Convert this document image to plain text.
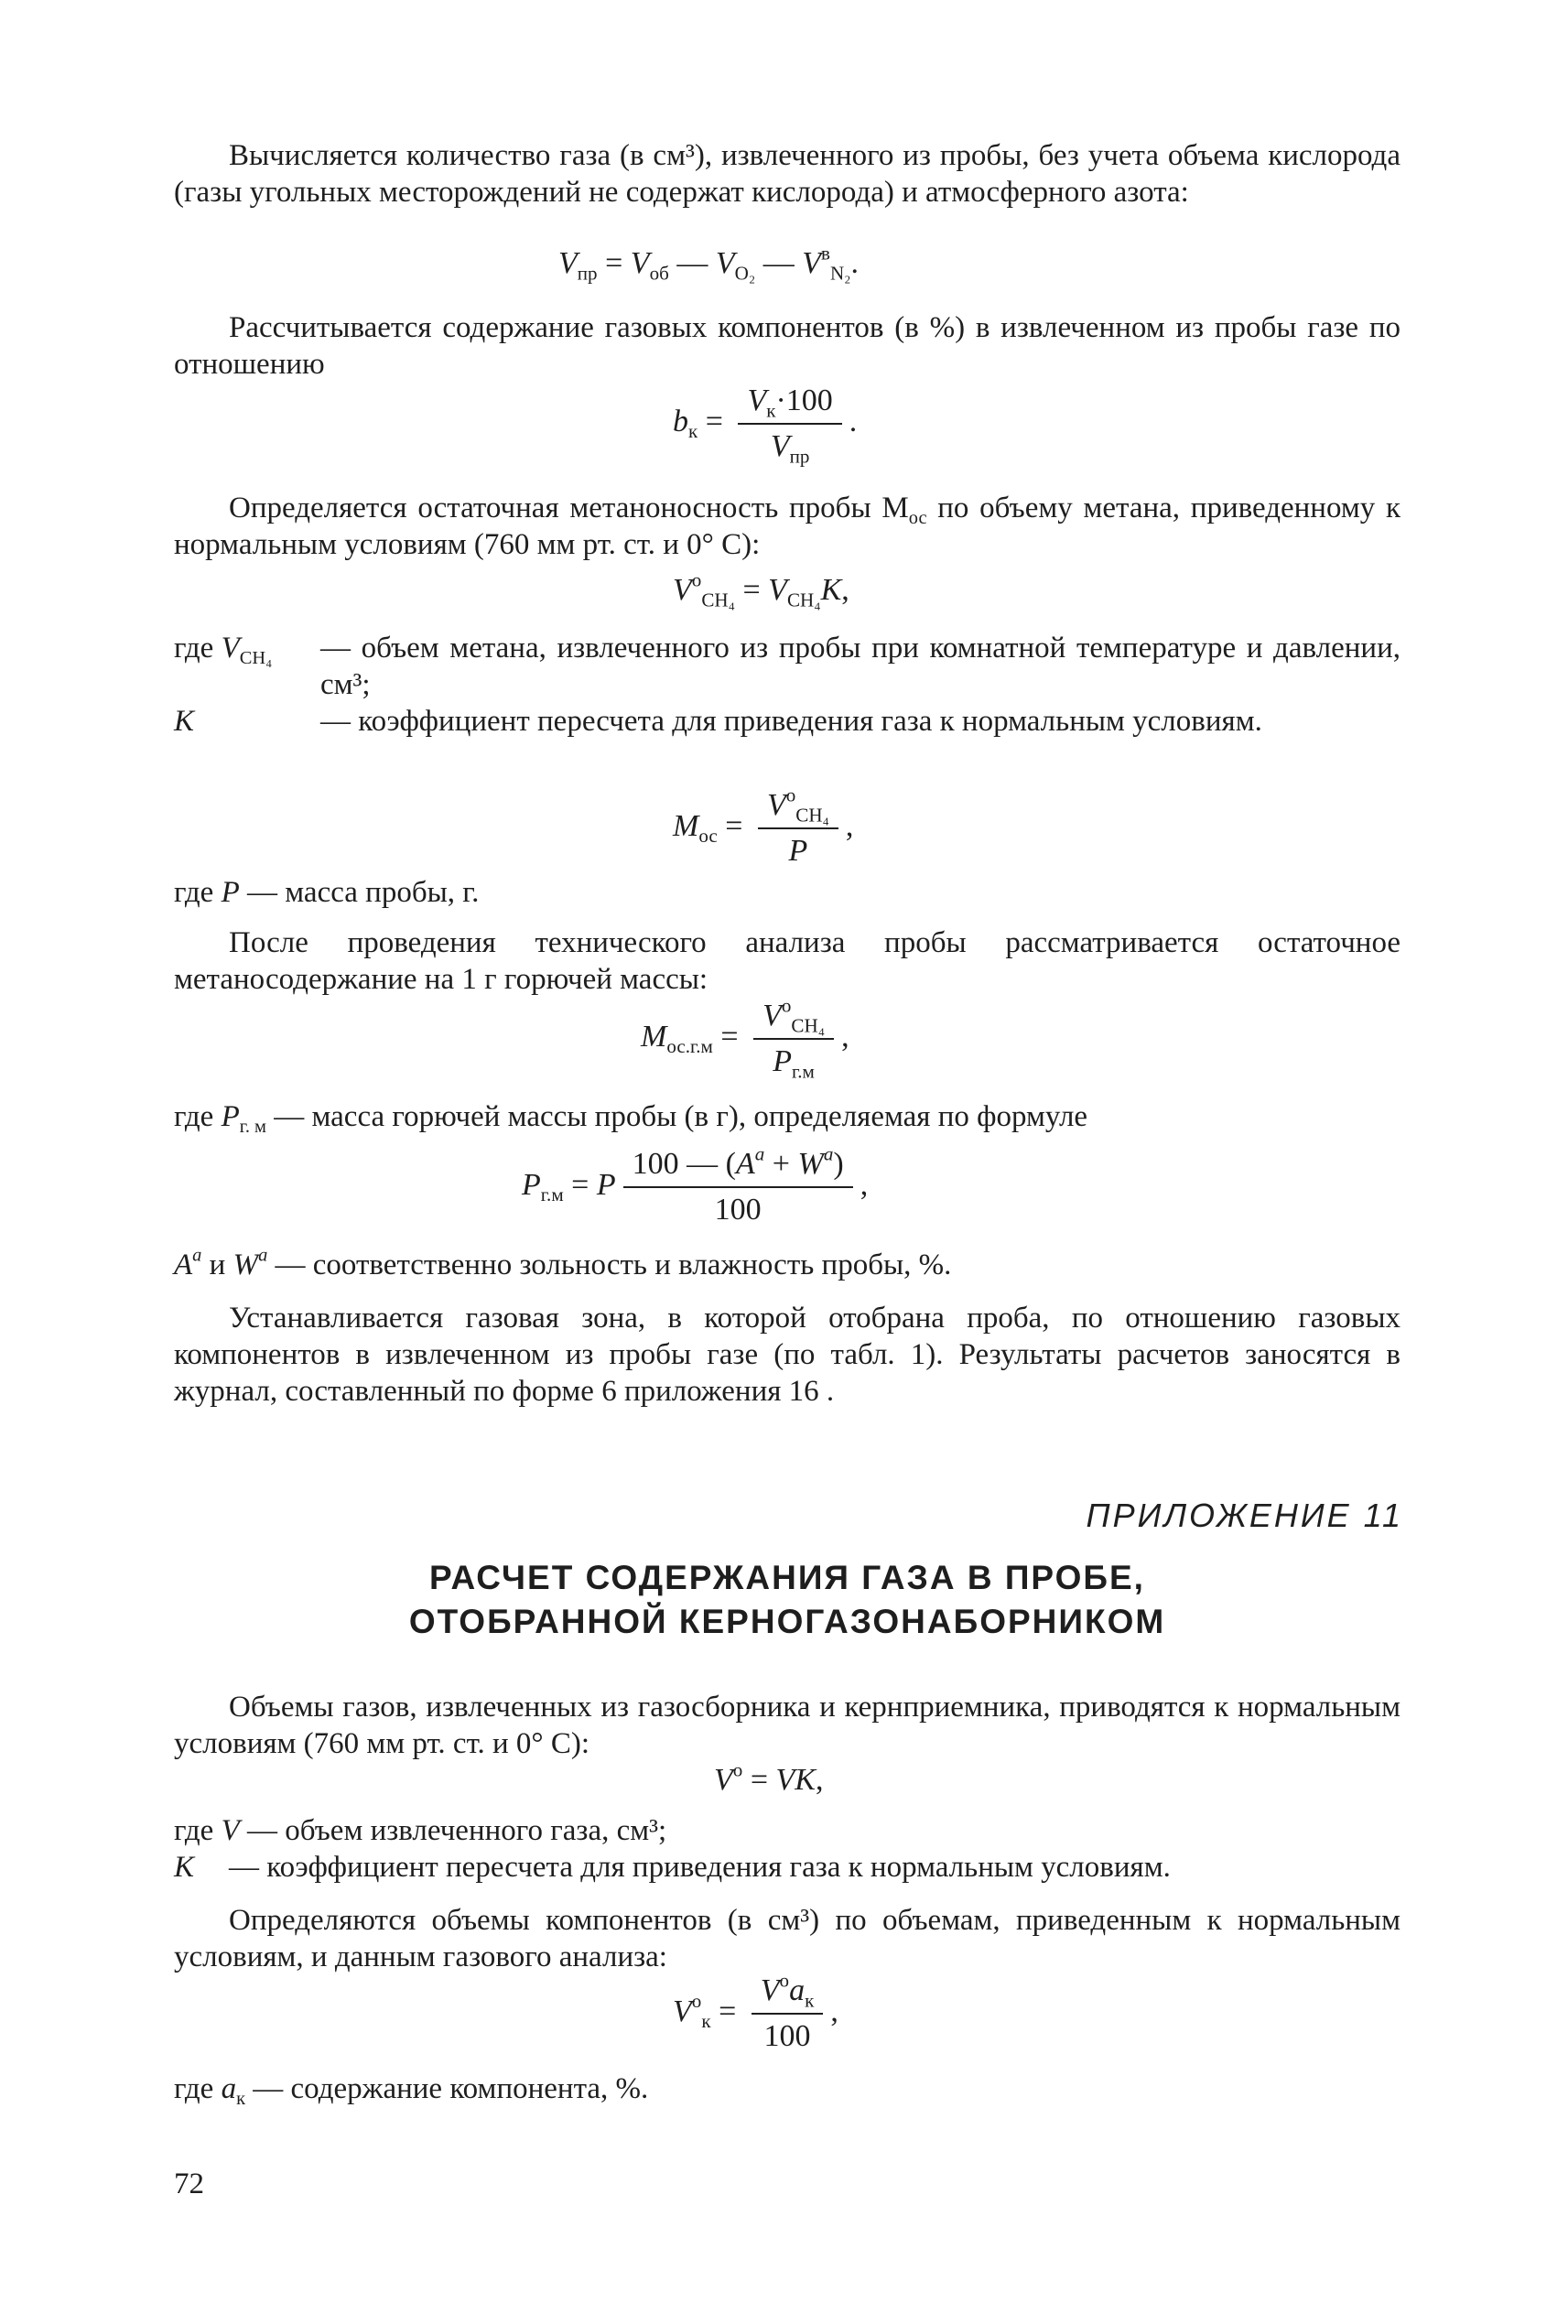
Вычисляется количество газа (в см³), извлеченного из пробы, без учета объема кислорода (газы угольных месторождений не содержат кислорода) и атмосферного азота:

$V_{пр} = V_{об}$ — $V_{O_2}$ — $V^в_{N_2}$.

Рассчитывается содержание газовых компонентов (в %) в извлеченном из пробы газе по отношению

$b_к = \frac{V_к\cdot 100}{V_{пр}}$ .

Определяется остаточная метаноносность пробы $M_{ос}$ по объему метана, приведенному к нормальным условиям (760 мм рт. ст. и 0° С):

$V^о_{CH_4} = V_{CH_4}K$,
где $V_{CH_4}$ — объем метана, извлеченного из пробы при комнатной температуре и давлении, см³;
K	— коэффициент пересчета для приведения газа к нормальным условиям.
$M_{ос} = \frac{V^о_{CH_4}}{P}$ ,
где P — масса пробы, г.

После проведения технического анализа пробы рассматривается остаточное метаносодержание на 1 г горючей массы:

$M_{ос.г.м} = \frac{V^о_{CH_4}}{P_{г.м}}$ ,
где $P_{г. м}$ — масса горючей массы пробы (в г), определяемая по формуле
$P_{г.м} = P \frac{100 — (A^a + W^a)}{100}$ ,
$A^a$ и $W^a$ — соответственно зольность и влажность пробы, %.

Устанавливается газовая зона, в которой отобрана проба, по отношению газовых компонентов в извлеченном из пробы газе (по табл. 1). Результаты расчетов заносятся в журнал, составленный по форме 6 приложения 16 .

ПРИЛОЖЕНИЕ 11
РАСЧЕТ СОДЕРЖАНИЯ ГАЗА В ПРОБЕ,
ОТОБРАННОЙ КЕРНОГАЗОНАБОРНИКОМ

Объемы газов, извлеченных из газосборника и кернприемника, приводятся к нормальным условиям (760 мм рт. ст. и 0° С):

$V^о$ = VK,
где V — объем извлеченного газа, см³;
K — коэффициент пересчета для приведения газа к нормальным условиям.

Определяются объемы компонентов (в см³) по объемам, приведенным к нормальным условиям, и данным газового анализа:

$V^о_к = \frac{V^оa_к}{100}$ ,
где $a_к$ — содержание компонента, %.
72
